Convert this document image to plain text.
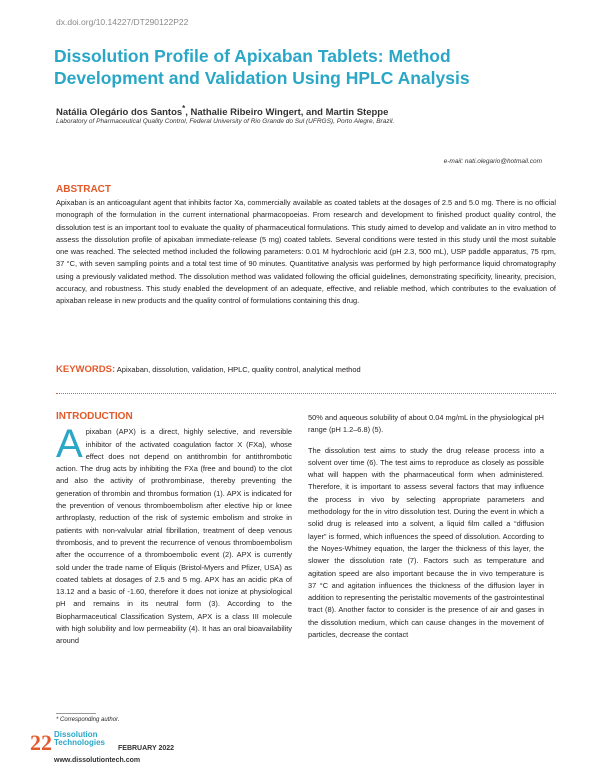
dx.doi.org/10.14227/DT290122P22
Dissolution Profile of Apixaban Tablets: Method Development and Validation Using HPLC Analysis
Natália Olegário dos Santos*, Nathalie Ribeiro Wingert, and Martin Steppe
Laboratory of Pharmaceutical Quality Control, Federal University of Rio Grande do Sul (UFRGS), Porto Alegre, Brazil.
e-mail: nati.olegario@hotmail.com
ABSTRACT

Apixaban is an anticoagulant agent that inhibits factor Xa, commercially available as coated tablets at the dosages of 2.5 and 5.0 mg. There is no official monograph of the formulation in the current international pharmacopoeias. From research and development to finished product quality control, the dissolution test is an important tool to evaluate the quality of pharmaceutical formulations. This study aimed to develop and validate an in vitro method to assess the dissolution profile of apixaban immediate-release (5 mg) coated tablets. Several conditions were tested in this study until the most suitable one was reached. The selected method included the following parameters: 0.01 M hydrochloric acid (pH 2.3, 500 mL), USP paddle apparatus, 75 rpm, 37 °C, with seven sampling points and a total test time of 90 minutes. Quantitative analysis was performed by high performance liquid chromatography using a previously validated method. The dissolution method was validated following the official guidelines, demonstrating specificity, linearity, precision, accuracy, and robustness. This study enabled the development of an adequate, effective, and reliable method, which contributes to the evaluation of apixaban release in new products and the quality control of formulations containing this drug.

KEYWORDS: Apixaban, dissolution, validation, HPLC, quality control, analytical method
INTRODUCTION

Apixaban (APX) is a direct, highly selective, and reversible inhibitor of the activated coagulation factor X (FXa), whose effect does not depend on antithrombin for antithrombotic action. The drug acts by inhibiting the FXa (free and bound) to the clot and also the activity of prothrombinase, thereby preventing the generation of thrombin and thrombus formation (1). APX is indicated for the prevention of venous thromboembolism after elective hip or knee arthroplasty, reduction of the risk of systemic embolism and stroke in patients with non-valvular atrial fibrillation, treatment of deep venous thrombosis, and to prevent the recurrence of venous thromboembolism after the occurrence of a thromboembolic event (2). APX is currently sold under the trade name of Eliquis (Bristol-Myers and Pfizer, USA) as coated tablets at dosages of 2.5 and 5 mg. APX has an acidic pKa of 13.12 and a basic of -1.60, therefore it does not ionize at physiological pH and remains in its neutral form (3). According to the Biopharmaceutical Classification System, APX is a class III molecule with high solubility and low permeability (4). It has an oral bioavailability around

50% and aqueous solubility of about 0.04 mg/mL in the physiological pH range (pH 1.2–6.8) (5).

The dissolution test aims to study the drug release process into a solvent over time (6). The test aims to reproduce as closely as possible what will happen with the pharmaceutical form when administered. Therefore, it is important to assess several factors that may influence the process in vivo by selecting appropriate parameters and methodology for the in vitro dissolution test. During the event in which a solid drug is released into a solvent, a liquid film called a “diffusion layer” is formed, which influences the speed of dissolution. According to the Noyes-Whitney equation, the larger the thickness of this layer, the slower the dissolution rate (7). Factors such as temperature and agitation speed are also important because the in vivo temperature is 37 °C and agitation influences the thickness of the diffusion layer in addition to representing the peristaltic movements of the gastrointestinal tract (8). Another factor to consider is the presence of air and gases in the dissolution medium, which can cause changes in the movement of particles, decrease the contact

* Corresponding author.
22 Dissolution
Technologies
FEBRUARY 2022
www.dissolutiontech.com
